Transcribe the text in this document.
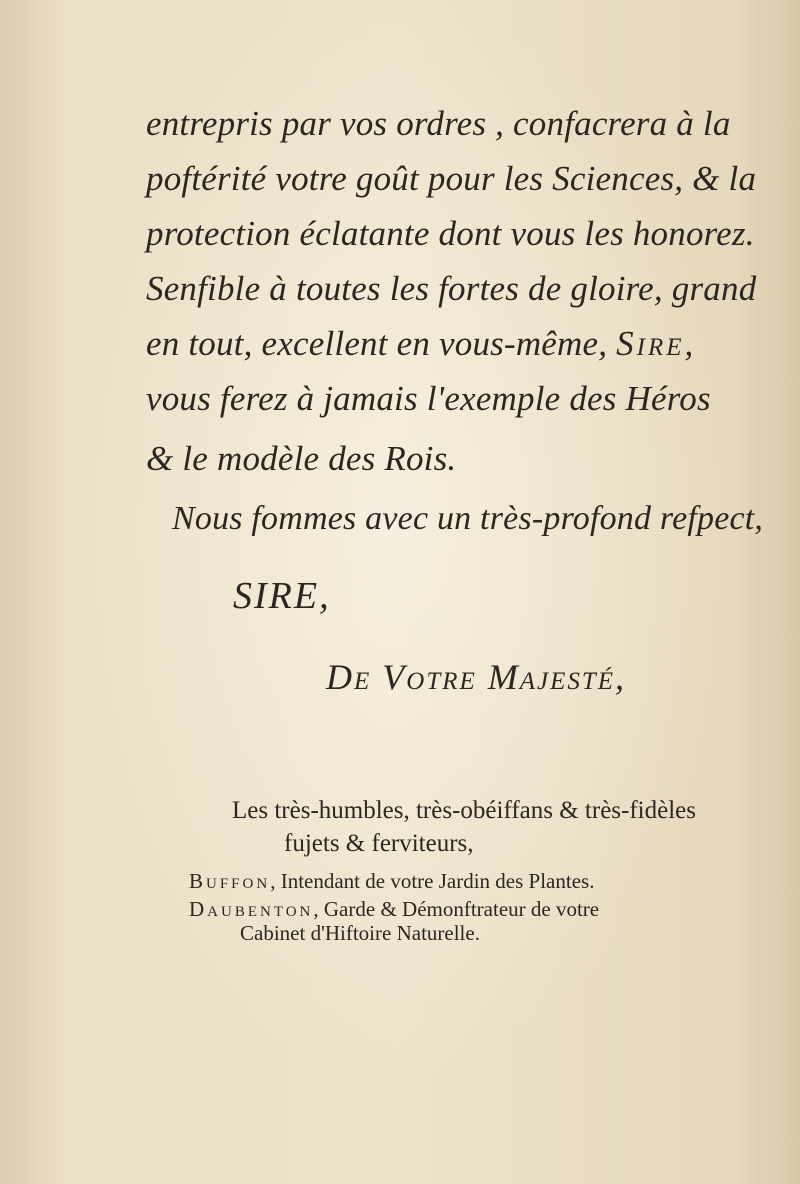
entrepris par vos ordres , confacrera à la
poftérité votre goût pour les Sciences, & la
protection éclatante dont vous les honorez.
Senfible à toutes les fortes de gloire, grand
en tout, excellent en vous-même, Sire,
vous ferez à jamais l'exemple des Héros
& le modèle des Rois.
Nous fommes avec un très-profond refpect,
SIRE,
De Votre Majesté,
Les très-humbles, très-obéiffans & très-fidèles
fujets & ferviteurs,
Buffon, Intendant de votre Jardin des Plantes.
Daubenton, Garde & Démonftrateur de votre
Cabinet d'Hiftoire Naturelle.
